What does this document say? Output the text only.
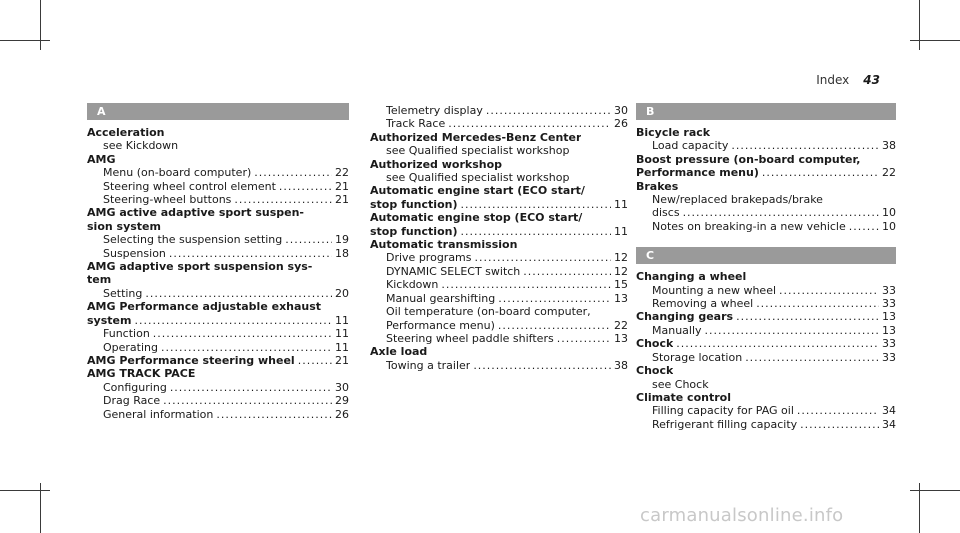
Index 43
A
Acceleration
see Kickdown
AMG
Menu (on-board computer) .....	22
Steering wheel control element .....	21
Steering-wheel buttons .....	21
AMG active adaptive sport suspen-
sion system
Selecting the suspension setting .....	19
Suspension .....	18
AMG adaptive sport suspension sys-
tem
Setting .....	20
AMG Performance adjustable exhaust
system .....	11
Function .....	11
Operating .....	11
AMG Performance steering wheel .....	21
AMG TRACK PACE
Configuring .....	30
Drag Race .....	29
General information .....	26
Telemetry display .....	30
Track Race .....	26
Authorized Mercedes-Benz Center
see Qualified specialist workshop
Authorized workshop
see Qualified specialist workshop
Automatic engine start (ECO start/
stop function) .....	11
Automatic engine stop (ECO start/
stop function) .....	11
Automatic transmission
Drive programs .....	12
DYNAMIC SELECT switch .....	12
Kickdown .....	15
Manual gearshifting .....	13
Oil temperature (on-board computer,
Performance menu) .....	22
Steering wheel paddle shifters .....	13
Axle load
Towing a trailer .....	38
B
Bicycle rack
Load capacity .....	38
Boost pressure (on-board computer,
Performance menu) .....	22
Brakes
New/replaced brakepads/brake
discs .....	10
Notes on breaking-in a new vehicle .....	10
C
Changing a wheel
Mounting a new wheel .....	33
Removing a wheel .....	33
Changing gears .....	13
Manually .....	13
Chock .....	33
Storage location .....	33
Chock
see Chock
Climate control
Filling capacity for PAG oil .....	34
Refrigerant filling capacity .....	34
carmanualsonline.info
